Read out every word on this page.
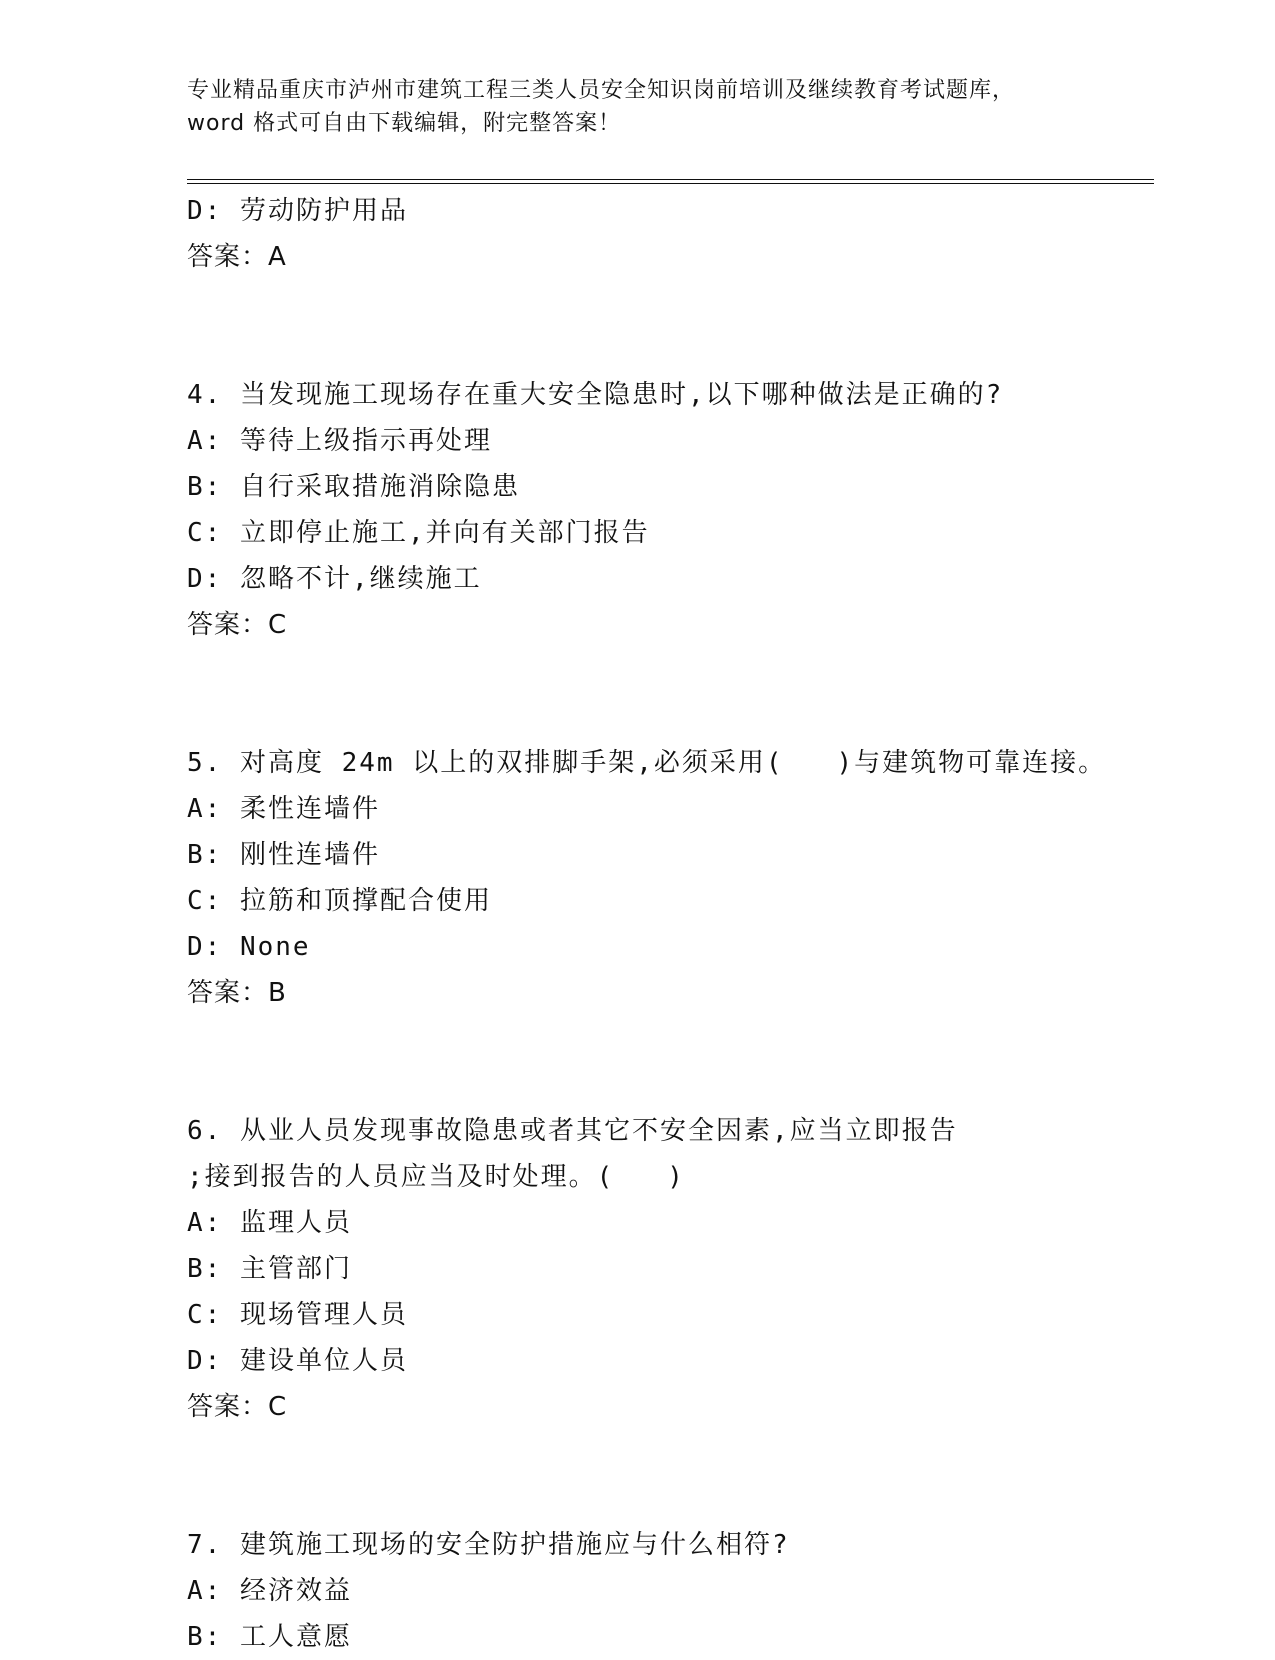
专业精品重庆市泸州市建筑工程三类人员安全知识岗前培训及继续教育考试题库，
word 格式可自由下载编辑，附完整答案！
D: 劳动防护用品
答案：A
4. 当发现施工现场存在重大安全隐患时,以下哪种做法是正确的?
A: 等待上级指示再处理
B: 自行采取措施消除隐患
C: 立即停止施工,并向有关部门报告
D: 忽略不计,继续施工
答案：C
5. 对高度 24m 以上的双排脚手架,必须采用(   )与建筑物可靠连接。
A: 柔性连墙件
B: 刚性连墙件
C: 拉筋和顶撑配合使用
D: None
答案：B
6. 从业人员发现事故隐患或者其它不安全因素,应当立即报告
;接到报告的人员应当及时处理。(   )
A: 监理人员
B: 主管部门
C: 现场管理人员
D: 建设单位人员
答案：C
7. 建筑施工现场的安全防护措施应与什么相符?
A: 经济效益
B: 工人意愿
